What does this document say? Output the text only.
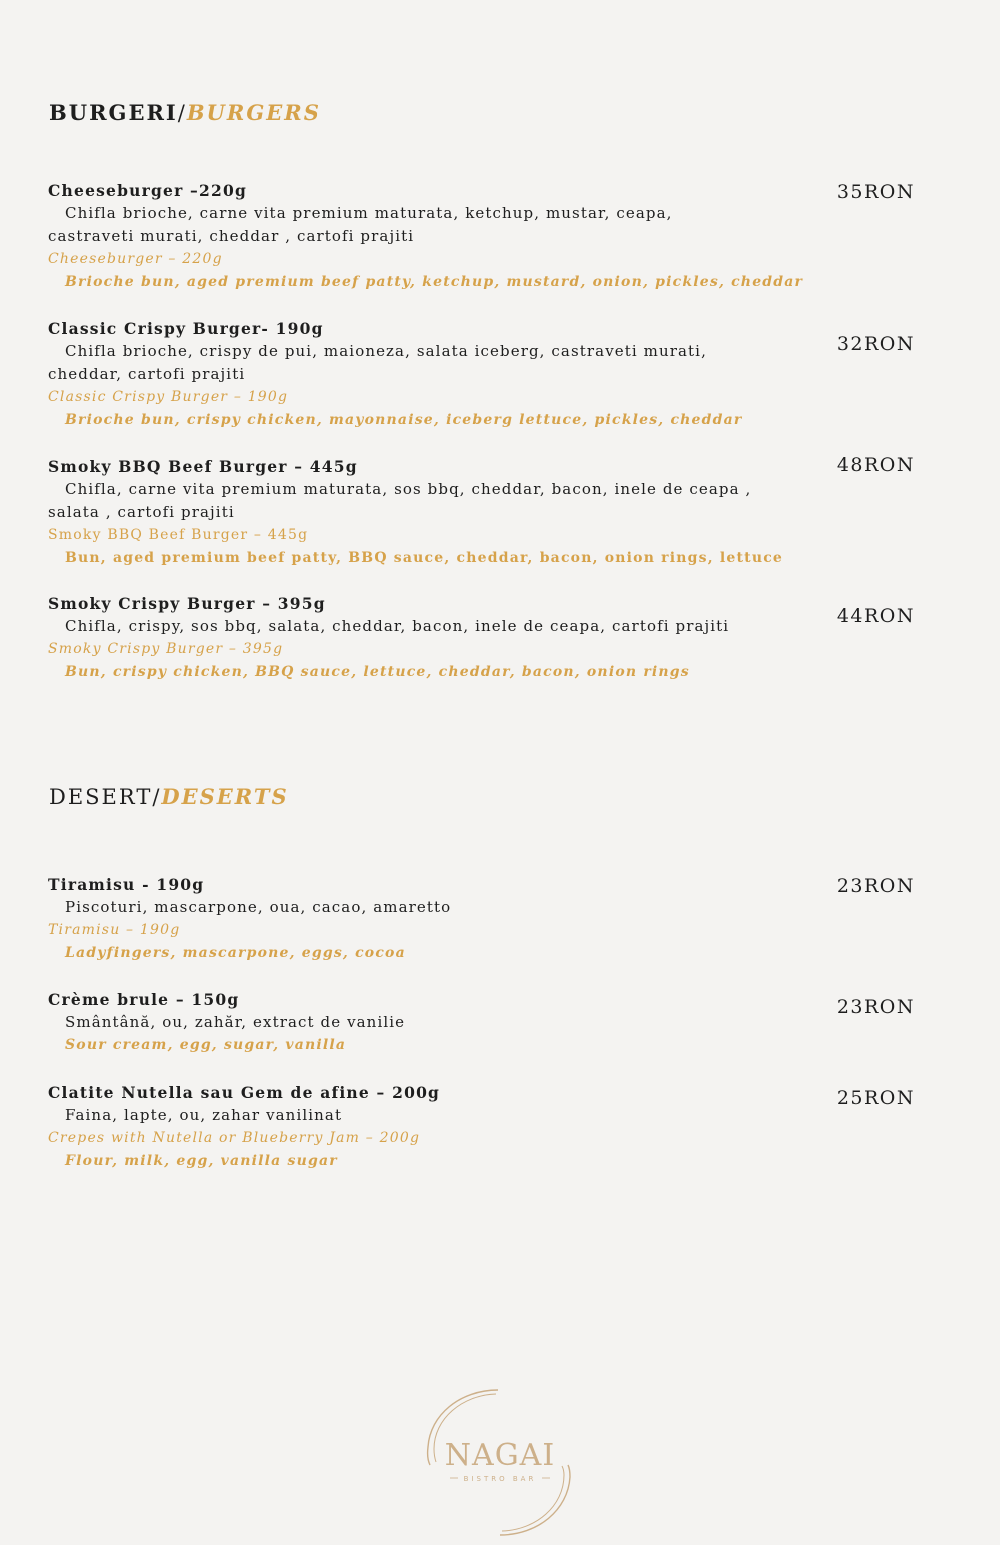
BURGERI/BURGERS
Cheeseburger –220g
Chifla brioche, carne vita premium maturata, ketchup, mustar, ceapa, castraveti murati, cheddar , cartofi prajiti
Cheeseburger – 220g
Brioche bun, aged premium beef patty, ketchup, mustard, onion, pickles, cheddar
35RON
Classic Crispy Burger- 190g
Chifla brioche, crispy de pui, maioneza, salata iceberg, castraveti murati, cheddar, cartofi prajiti
Classic Crispy Burger – 190g
Brioche bun, crispy chicken, mayonnaise, iceberg lettuce, pickles, cheddar
32RON
Smoky BBQ Beef Burger – 445g
Chifla, carne vita premium maturata, sos bbq, cheddar, bacon, inele de ceapa , salata , cartofi prajiti
Smoky BBQ Beef Burger – 445g
Bun, aged premium beef patty, BBQ sauce, cheddar, bacon, onion rings, lettuce
48RON
Smoky Crispy Burger – 395g
Chifla, crispy, sos bbq, salata, cheddar, bacon, inele de ceapa, cartofi prajiti
Smoky Crispy Burger – 395g
Bun, crispy chicken, BBQ sauce, lettuce, cheddar, bacon, onion rings
44RON
DESERT/DESERTS
Tiramisu - 190g
Piscoturi, mascarpone, oua, cacao, amaretto
Tiramisu – 190g
Ladyfingers, mascarpone, eggs, cocoa
23RON
Crème brule – 150g
Smântână, ou, zahăr, extract de vanilie
Sour cream, egg, sugar, vanilla
23RON
Clatite Nutella sau Gem de afine – 200g
Faina, lapte, ou, zahar vanilinat
Crepes with Nutella or Blueberry Jam – 200g
Flour, milk, egg, vanilla sugar
25RON
NAGAI
BISTRO BAR
